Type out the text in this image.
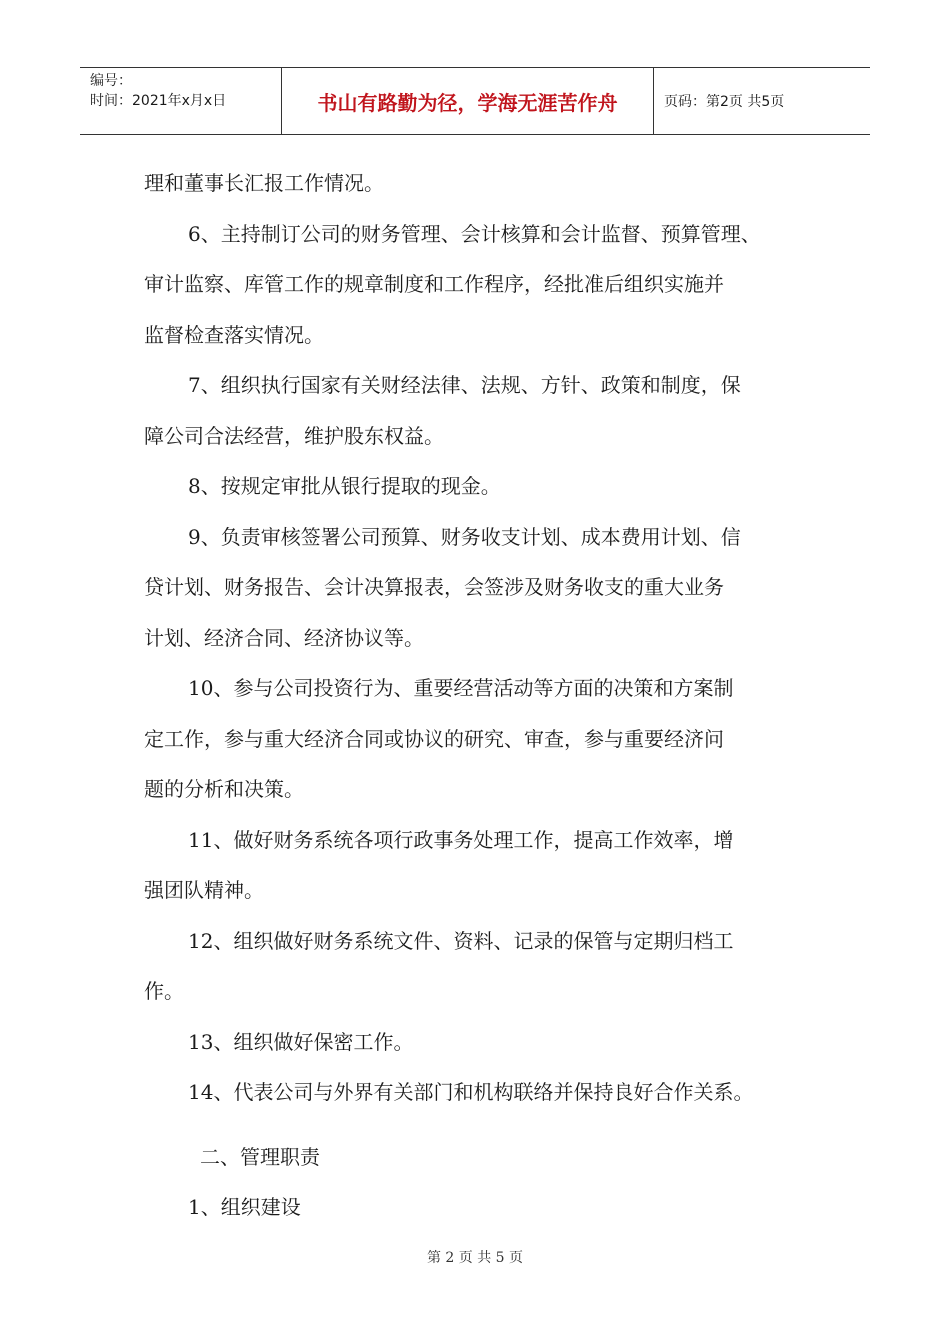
编号：
时间：2021年x月x日	书山有路勤为径，学海无涯苦作舟	页码：第2页 共5页

理和董事长汇报工作情况。

6、主持制订公司的财务管理、会计核算和会计监督、预算管理、

审计监察、库管工作的规章制度和工作程序，经批准后组织实施并

监督检查落实情况。

7、组织执行国家有关财经法律、法规、方针、政策和制度，保

障公司合法经营，维护股东权益。

8、按规定审批从银行提取的现金。

9、负责审核签署公司预算、财务收支计划、成本费用计划、信

贷计划、财务报告、会计决算报表，会签涉及财务收支的重大业务

计划、经济合同、经济协议等。

10、参与公司投资行为、重要经营活动等方面的决策和方案制

定工作，参与重大经济合同或协议的研究、审查，参与重要经济问

题的分析和决策。

11、做好财务系统各项行政事务处理工作，提高工作效率，增

强团队精神。

12、组织做好财务系统文件、资料、记录的保管与定期归档工

作。

13、组织做好保密工作。

14、代表公司与外界有关部门和机构联络并保持良好合作关系。

二、管理职责

1、组织建设

第 2 页 共 5 页
